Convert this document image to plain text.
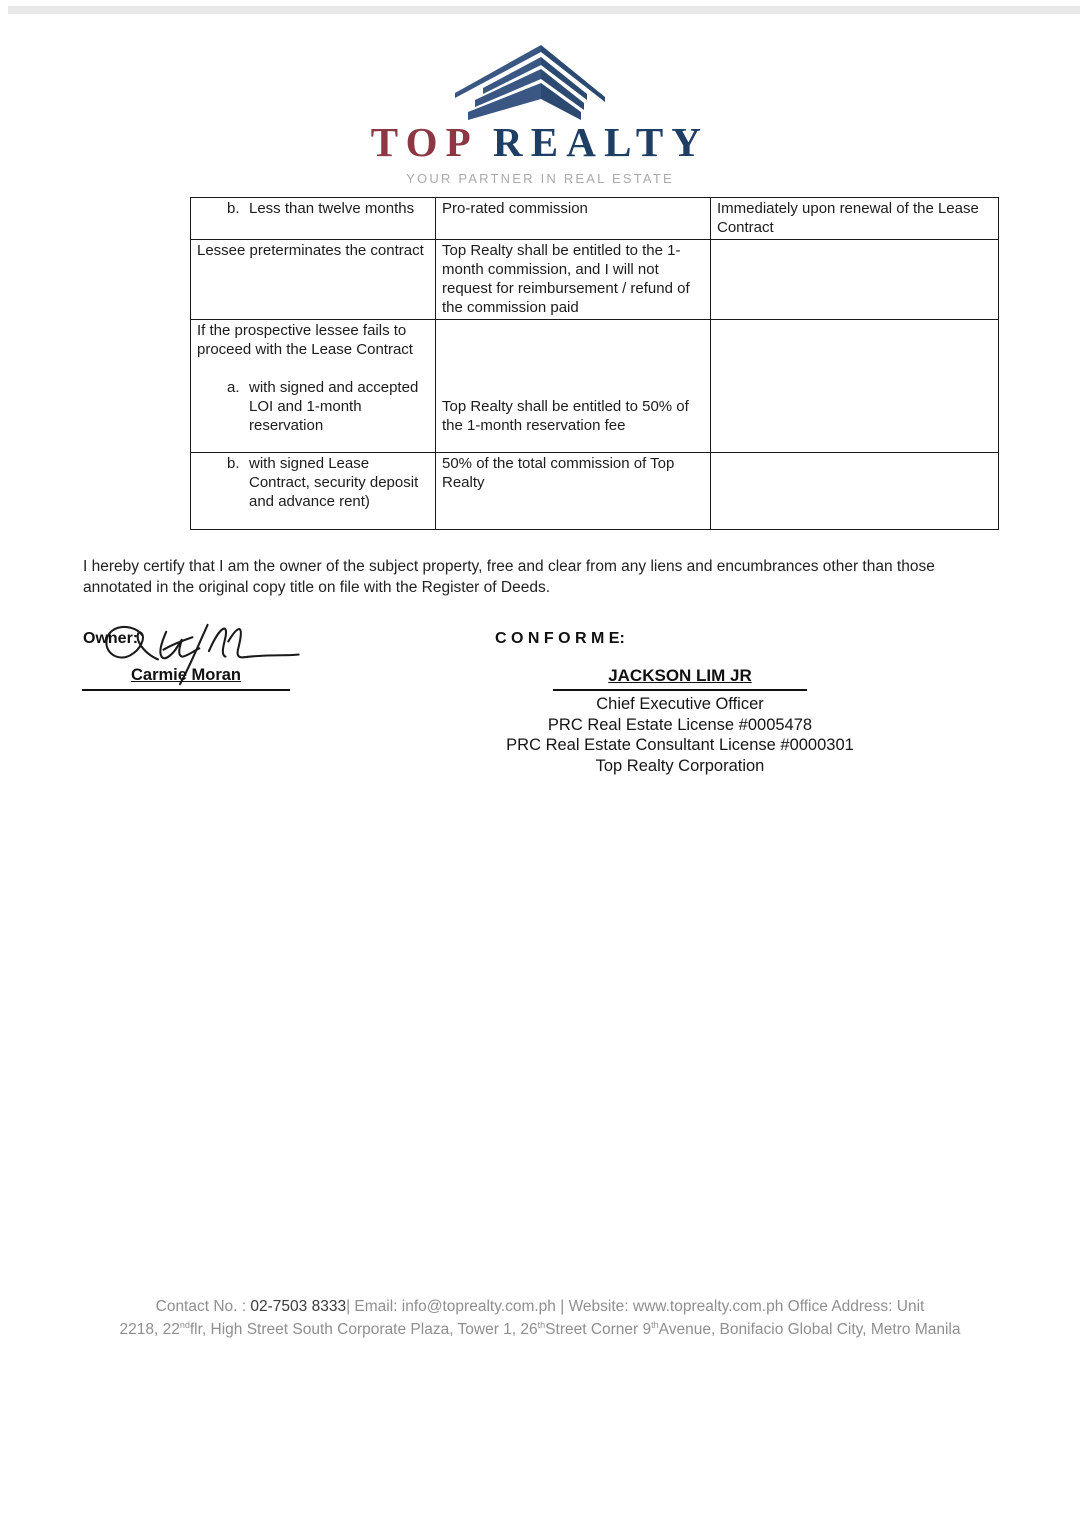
TOP REALTY
YOUR PARTNER IN REAL ESTATE
b. Less than twelve months	Pro-rated commission	Immediately upon renewal of the Lease Contract
Lessee preterminates the contract	Top Realty shall be entitled to the 1-month commission, and I will not request for reimbursement / refund of the commission paid	

If the prospective lessee fails to proceed with the Lease Contract
a. with signed and accepted LOI and 1-month reservation	Top Realty shall be entitled to 50% of the 1-month reservation fee	

b. with signed Lease Contract, security deposit and advance rent)	50% of the total commission of Top Realty	

I hereby certify that I am the owner of the subject property, free and clear from any liens and encumbrances other than those annotated in the original copy title on file with the Register of Deeds.

Owner:
Carmie Moran
C O N F O R M E:
JACKSON LIM JR
Chief Executive Officer
PRC Real Estate License #0005478
PRC Real Estate Consultant License #0000301
Top Realty Corporation
Contact No. : 02-7503 8333| Email: info@toprealty.com.ph | Website: www.toprealty.com.ph Office Address: Unit
2218, 22ndflr, High Street South Corporate Plaza, Tower 1, 26thStreet Corner 9thAvenue, Bonifacio Global City, Metro Manila
